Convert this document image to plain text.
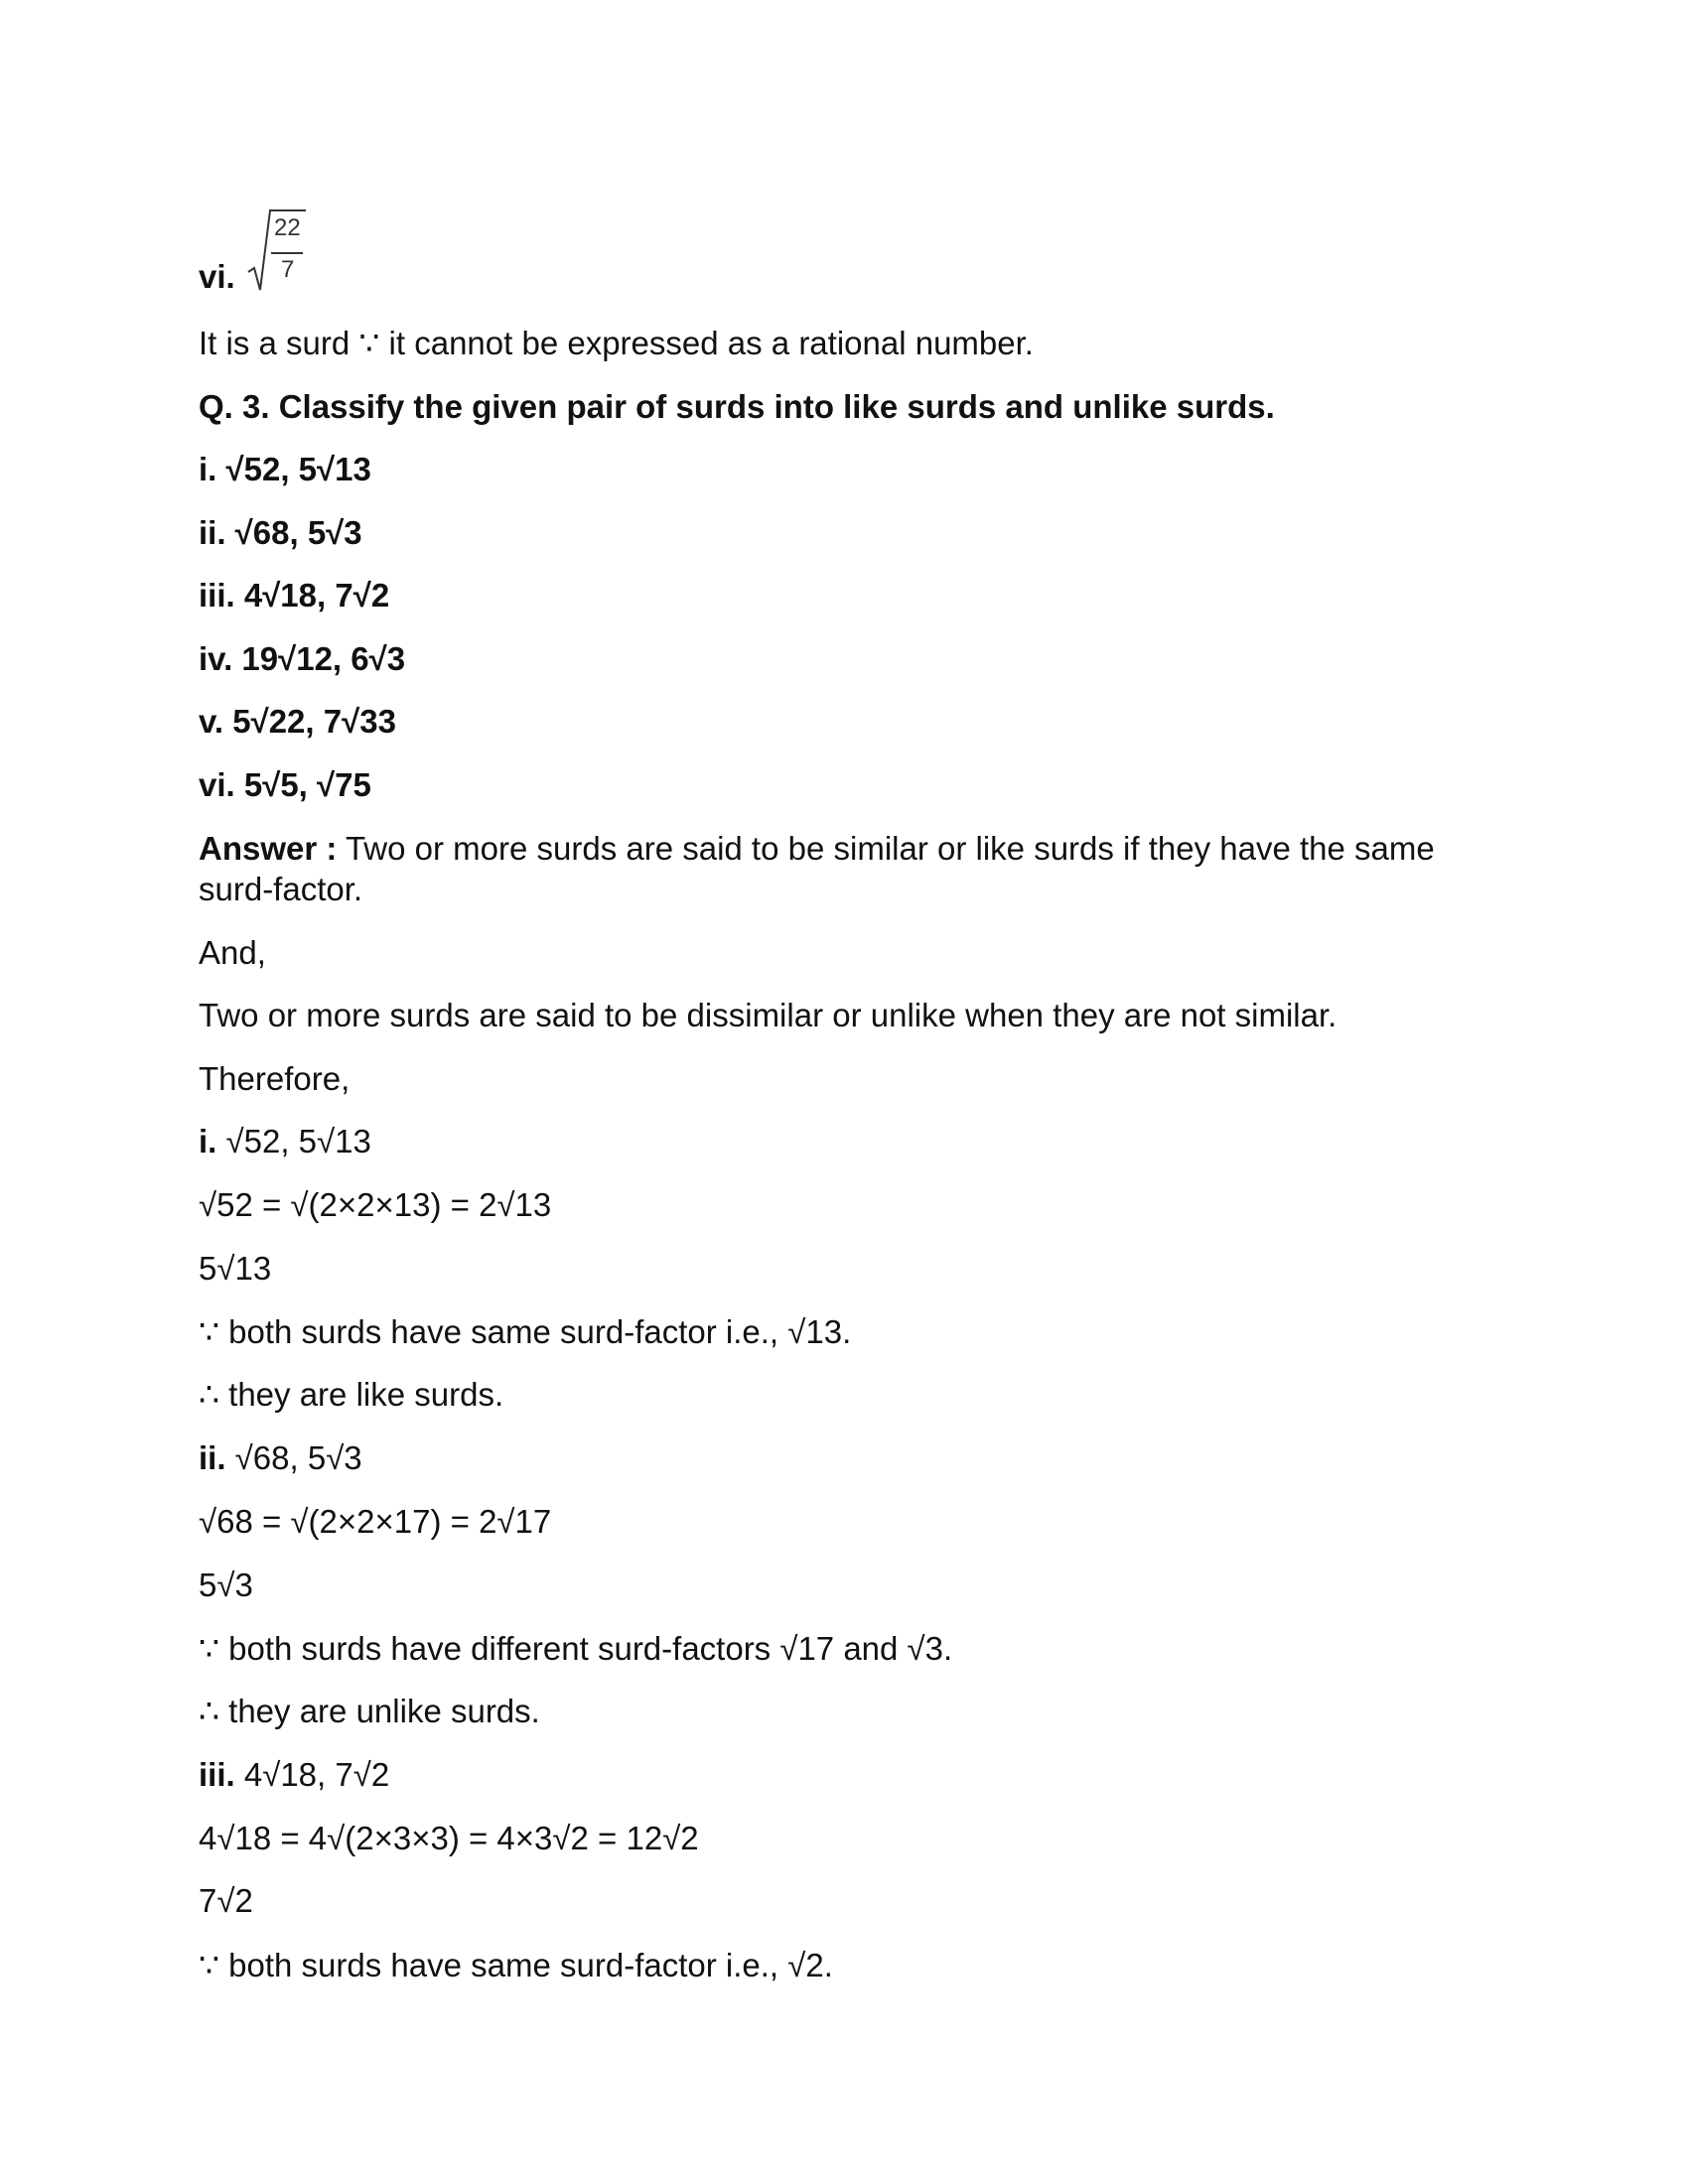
vi.
22
7
It is a surd ∵ it cannot be expressed as a rational number.
Q. 3. Classify the given pair of surds into like surds and unlike surds.
i. √52, 5√13
ii. √68, 5√3
iii. 4√18, 7√2
iv. 19√12, 6√3
v. 5√22, 7√33
vi. 5√5, √75
Answer : Two or more surds are said to be similar or like surds if they have the same
surd-factor.
And,
Two or more surds are said to be dissimilar or unlike when they are not similar.
Therefore,
i. √52, 5√13
√52 = √(2×2×13) = 2√13
5√13
∵ both surds have same surd-factor i.e., √13.
∴ they are like surds.
ii. √68, 5√3
√68 = √(2×2×17) = 2√17
5√3
∵ both surds have different surd-factors √17 and √3.
∴ they are unlike surds.
iii. 4√18, 7√2
4√18 = 4√(2×3×3) = 4×3√2 = 12√2
7√2
∵ both surds have same surd-factor i.e., √2.
